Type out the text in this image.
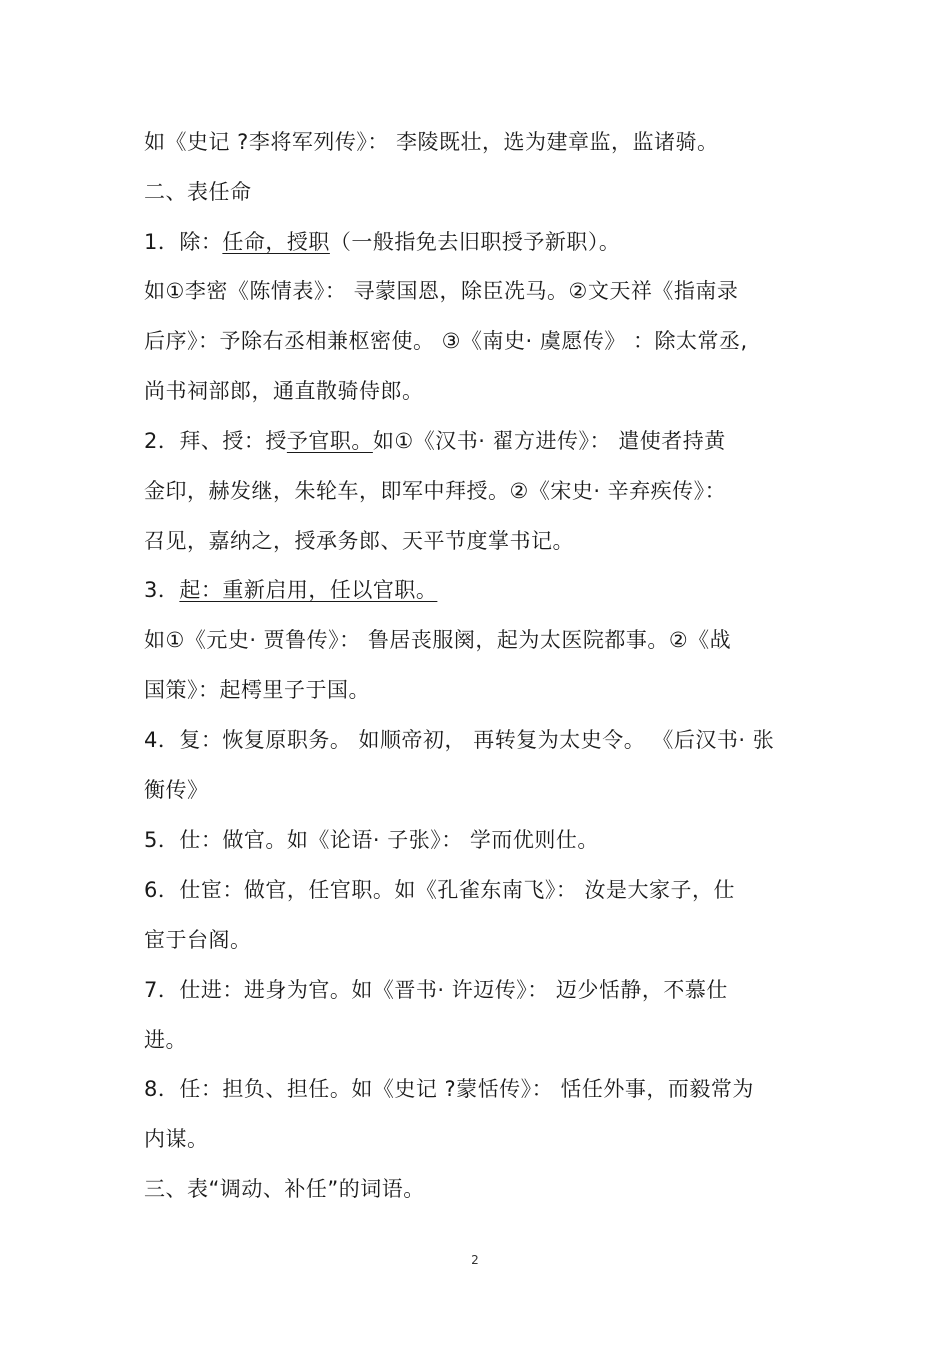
如《史记 ?李将军列传》： 李陵既壮，选为建章监，监诸骑。
二、表任命
1．除：任命，授职（一般指免去旧职授予新职）。
如①李密《陈情表》： 寻蒙国恩，除臣冼马。②文天祥《指南录
后序》：予除右丞相兼枢密使。 ③《南史· 虞愿传》 ：除太常丞,
尚书祠部郎，通直散骑侍郎。
2．拜、授：授予官职。如①《汉书· 翟方进传》： 遣使者持黄
金印，赫发继，朱轮车，即军中拜授。②《宋史· 辛弃疾传》：
召见，嘉纳之，授承务郎、天平节度掌书记。
3．起：重新启用，任以官职。
如①《元史· 贾鲁传》： 鲁居丧服阕，起为太医院都事。②《战
国策》：起樗里子于国。
4．复：恢复原职务。 如顺帝初， 再转复为太史令。 《后汉书· 张
衡传》
5．仕：做官。如《论语· 子张》： 学而优则仕。
6．仕宦：做官，任官职。如《孔雀东南飞》： 汝是大家子，仕
宦于台阁。
7．仕进：进身为官。如《晋书· 许迈传》： 迈少恬静，不慕仕
进。
8．任：担负、担任。如《史记 ?蒙恬传》： 恬任外事，而毅常为
内谋。
三、表“调动、补任”的词语。
2
